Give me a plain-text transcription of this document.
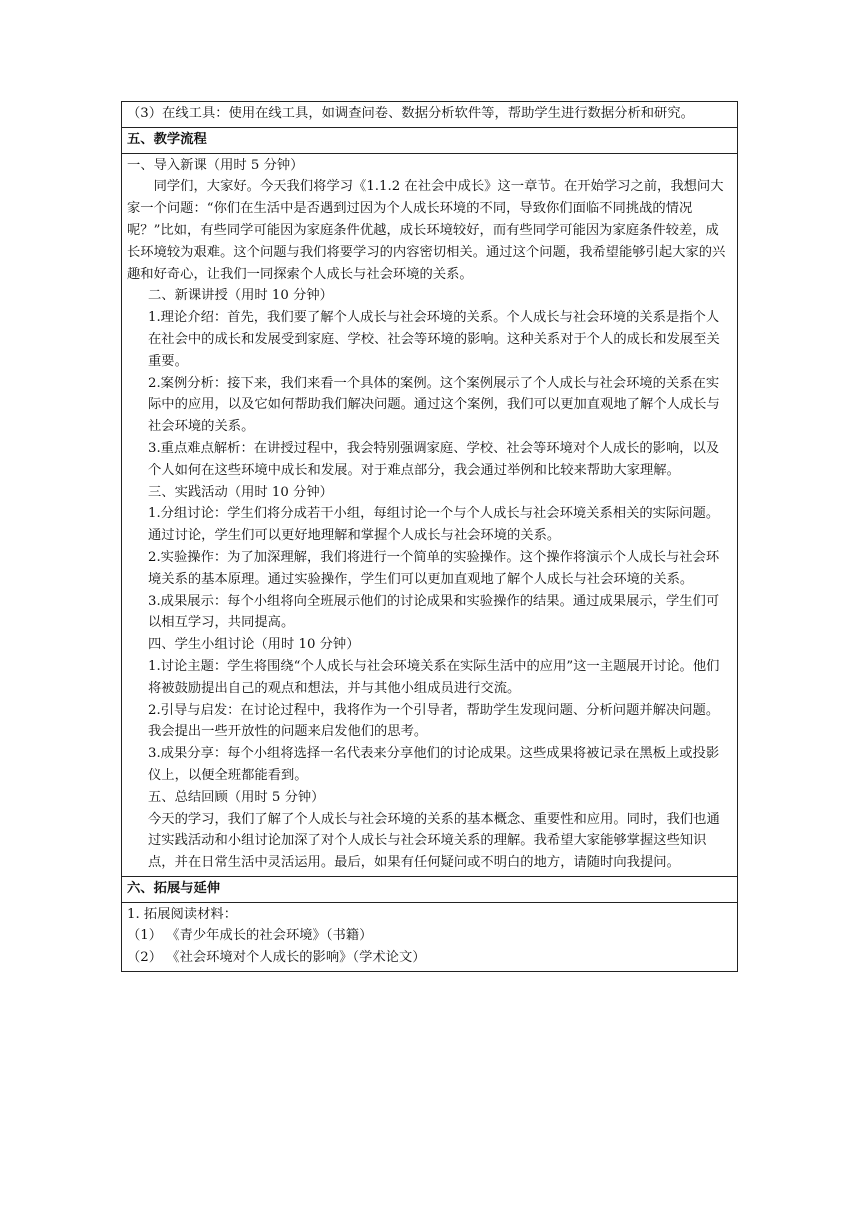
（3）在线工具：使用在线工具，如调查问卷、数据分析软件等，帮助学生进行数据分析和研究。

五、教学流程

一、导入新课（用时 5 分钟）

同学们，大家好。今天我们将学习《1.1.2 在社会中成长》这一章节。在开始学习之前，我想问大家一个问题：“你们在生活中是否遇到过因为个人成长环境的不同，导致你们面临不同挑战的情况呢？”比如，有些同学可能因为家庭条件优越，成长环境较好，而有些同学可能因为家庭条件较差，成长环境较为艰难。这个问题与我们将要学习的内容密切相关。通过这个问题，我希望能够引起大家的兴趣和好奇心，让我们一同探索个人成长与社会环境的关系。

二、新课讲授（用时 10 分钟）

1.理论介绍：首先，我们要了解个人成长与社会环境的关系。个人成长与社会环境的关系是指个人在社会中的成长和发展受到家庭、学校、社会等环境的影响。这种关系对于个人的成长和发展至关重要。

2.案例分析：接下来，我们来看一个具体的案例。这个案例展示了个人成长与社会环境的关系在实际中的应用，以及它如何帮助我们解决问题。通过这个案例，我们可以更加直观地了解个人成长与社会环境的关系。

3.重点难点解析：在讲授过程中，我会特别强调家庭、学校、社会等环境对个人成长的影响，以及个人如何在这些环境中成长和发展。对于难点部分，我会通过举例和比较来帮助大家理解。

三、实践活动（用时 10 分钟）

1.分组讨论：学生们将分成若干小组，每组讨论一个与个人成长与社会环境关系相关的实际问题。通过讨论，学生们可以更好地理解和掌握个人成长与社会环境的关系。

2.实验操作：为了加深理解，我们将进行一个简单的实验操作。这个操作将演示个人成长与社会环境关系的基本原理。通过实验操作，学生们可以更加直观地了解个人成长与社会环境的关系。

3.成果展示：每个小组将向全班展示他们的讨论成果和实验操作的结果。通过成果展示，学生们可以相互学习，共同提高。

四、学生小组讨论（用时 10 分钟）

1.讨论主题：学生将围绕“个人成长与社会环境关系在实际生活中的应用”这一主题展开讨论。他们将被鼓励提出自己的观点和想法，并与其他小组成员进行交流。

2.引导与启发：在讨论过程中，我将作为一个引导者，帮助学生发现问题、分析问题并解决问题。我会提出一些开放性的问题来启发他们的思考。

3.成果分享：每个小组将选择一名代表来分享他们的讨论成果。这些成果将被记录在黑板上或投影仪上，以便全班都能看到。

五、总结回顾（用时 5 分钟）

今天的学习，我们了解了个人成长与社会环境的关系的基本概念、重要性和应用。同时，我们也通过实践活动和小组讨论加深了对个人成长与社会环境关系的理解。我希望大家能够掌握这些知识点，并在日常生活中灵活运用。最后，如果有任何疑问或不明白的地方，请随时向我提问。

六、拓展与延伸

1. 拓展阅读材料：

（1） 《青少年成长的社会环境》（书籍）

（2） 《社会环境对个人成长的影响》（学术论文）
